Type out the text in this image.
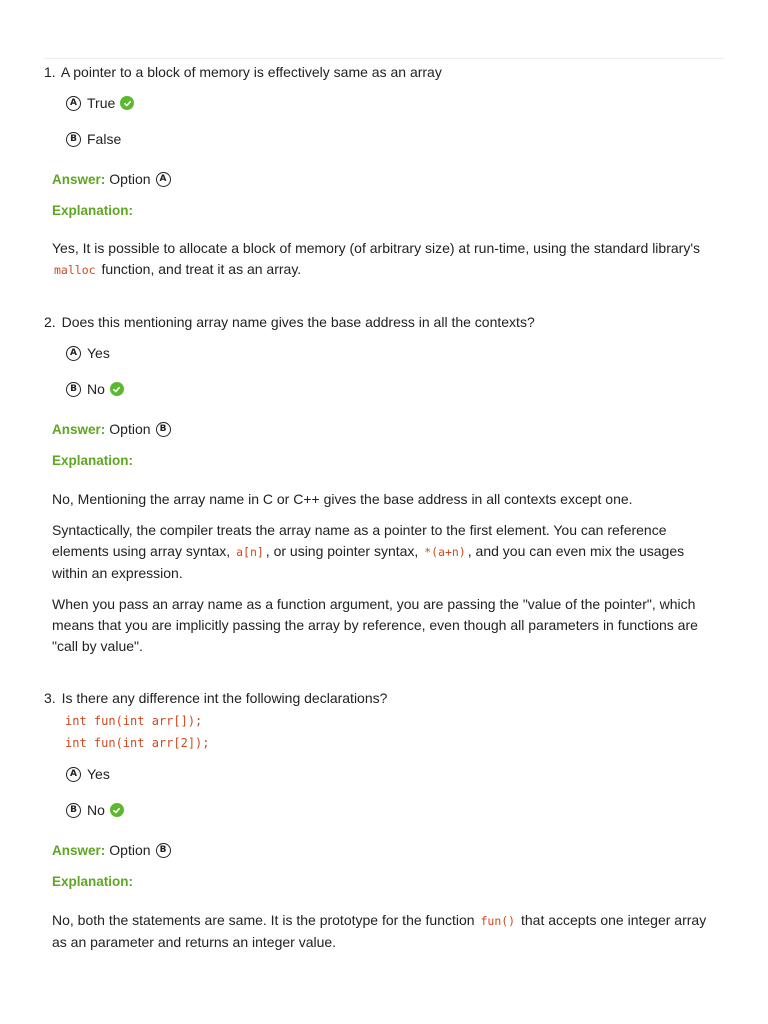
1. A pointer to a block of memory is effectively same as an array

A True
B False
Answer: Option	A
Explanation:
Yes, It is possible to allocate a block of memory (of arbitrary size) at run-time, using the standard library's malloc function, and treat it as an array.

2. Does this mentioning array name gives the base address in all the contexts?

A Yes
B No
Answer: Option	B
Explanation:
No, Mentioning the array name in C or C++ gives the base address in all contexts except one.
Syntactically, the compiler treats the array name as a pointer to the first element. You can reference elements using array syntax, a[n] , or using pointer syntax, *(a+n) , and you can even mix the usages within an expression.
When you pass an array name as a function argument, you are passing the "value of the pointer", which means that you are implicitly passing the array by reference, even though all parameters in functions are "call by value".

3. Is there any difference int the following declarations?

int fun(int arr[]);
int fun(int arr[2]);
A Yes
B No
Answer: Option	B
Explanation:
No, both the statements are same. It is the prototype for the function fun() that accepts one integer array as an parameter and returns an integer value.
